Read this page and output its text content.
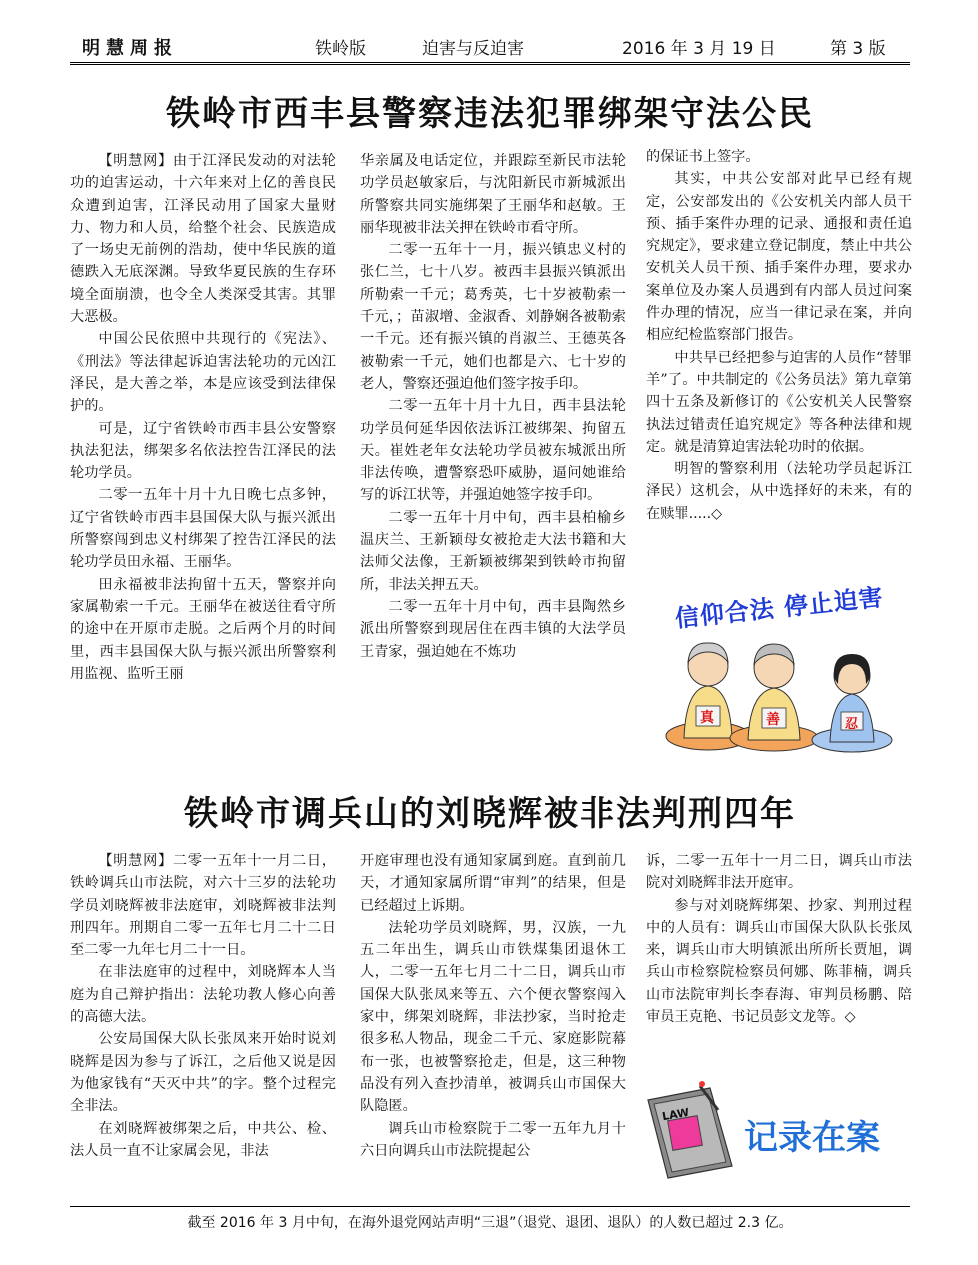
明慧周报	铁岭版	迫害与反迫害	2016 年 3 月 19 日	第 3 版
铁岭市西丰县警察违法犯罪绑架守法公民

【明慧网】由于江泽民发动的对法轮功的迫害运动，十六年来对上亿的善良民众遭到迫害，江泽民动用了国家大量财力、物力和人员，给整个社会、民族造成了一场史无前例的浩劫，使中华民族的道德跌入无底深渊。导致华夏民族的生存环境全面崩溃，也令全人类深受其害。其罪大恶极。

中国公民依照中共现行的《宪法》、《刑法》等法律起诉迫害法轮功的元凶江泽民，是大善之举，本是应该受到法律保护的。

可是，辽宁省铁岭市西丰县公安警察执法犯法，绑架多名依法控告江泽民的法轮功学员。

二零一五年十月十九日晚七点多钟，辽宁省铁岭市西丰县国保大队与振兴派出所警察闯到忠义村绑架了控告江泽民的法轮功学员田永福、王丽华。

田永福被非法拘留十五天，警察并向家属勒索一千元。王丽华在被送往看守所的途中在开原市走脱。之后两个月的时间里，西丰县国保大队与振兴派出所警察利用监视、监听王丽

华亲属及电话定位，并跟踪至新民市法轮功学员赵敏家后，与沈阳新民市新城派出所警察共同实施绑架了王丽华和赵敏。王丽华现被非法关押在铁岭市看守所。

二零一五年十一月，振兴镇忠义村的张仁兰，七十八岁。被西丰县振兴镇派出所勒索一千元；葛秀英，七十岁被勒索一千元，；苗淑增、金淑香、刘静娴各被勒索一千元。还有振兴镇的肖淑兰、王德英各被勒索一千元，她们也都是六、七十岁的老人，警察还强迫他们签字按手印。

二零一五年十月十九日，西丰县法轮功学员何延华因依法诉江被绑架、拘留五天。崔姓老年女法轮功学员被东城派出所非法传唤，遭警察恐吓威胁，逼问她谁给写的诉江状等，并强迫她签字按手印。

二零一五年十月中旬，西丰县柏榆乡温庆兰、王新颖母女被抢走大法书籍和大法师父法像，王新颖被绑架到铁岭市拘留所，非法关押五天。

二零一五年十月中旬，西丰县陶然乡派出所警察到现居住在西丰镇的大法学员王青家，强迫她在不炼功

的保证书上签字。

其实，中共公安部对此早已经有规定，公安部发出的《公安机关内部人员干预、插手案件办理的记录、通报和责任追究规定》，要求建立登记制度，禁止中共公安机关人员干预、插手案件办理，要求办案单位及办案人员遇到有内部人员过问案件办理的情况，应当一律记录在案，并向相应纪检监察部门报告。

中共早已经把参与迫害的人员作“替罪羊”了。中共制定的《公务员法》第九章第四十五条及新修订的《公安机关人民警察执法过错责任追究规定》等各种法律和规定。就是清算迫害法轮功时的依据。

明智的警察利用（法轮功学员起诉江泽民）这机会，从中选择好的未来，有的在赎罪.....◇

信仰合法 停止迫害
真	善	忍
铁岭市调兵山的刘晓辉被非法判刑四年

【明慧网】二零一五年十一月二日，铁岭调兵山市法院，对六十三岁的法轮功学员刘晓辉被非法庭审，刘晓辉被非法判刑四年。刑期自二零一五年七月二十二日至二零一九年七月二十一日。

在非法庭审的过程中，刘晓辉本人当庭为自己辩护指出：法轮功教人修心向善的高德大法。

公安局国保大队长张凤来开始时说刘晓辉是因为参与了诉江，之后他又说是因为他家钱有“天灭中共”的字。整个过程完全非法。

在刘晓辉被绑架之后，中共公、检、法人员一直不让家属会见，非法

开庭审理也没有通知家属到庭。直到前几天，才通知家属所谓“审判”的结果，但是已经超过上诉期。

法轮功学员刘晓辉，男，汉族，一九五二年出生，调兵山市铁煤集团退休工人，二零一五年七月二十二日，调兵山市国保大队张凤来等五、六个便衣警察闯入家中，绑架刘晓辉，非法抄家，当时抢走很多私人物品，现金二千元、家庭影院幕布一张，也被警察抢走，但是，这三种物品没有列入查抄清单，被调兵山市国保大队隐匿。

调兵山市检察院于二零一五年九月十六日向调兵山市法院提起公

诉，二零一五年十一月二日，调兵山市法院对刘晓辉非法开庭审。

参与对刘晓辉绑架、抄家、判刑过程中的人员有：调兵山市国保大队队长张凤来，调兵山市大明镇派出所所长贾旭，调兵山市检察院检察员何娜、陈菲楠，调兵山市法院审判长李春海、审判员杨鹏、陪审员王克艳、书记员彭文龙等。◇

LAW
记录在案
截至 2016 年 3 月中旬，在海外退党网站声明“三退”（退党、退团、退队）的人数已超过 2.3 亿。
